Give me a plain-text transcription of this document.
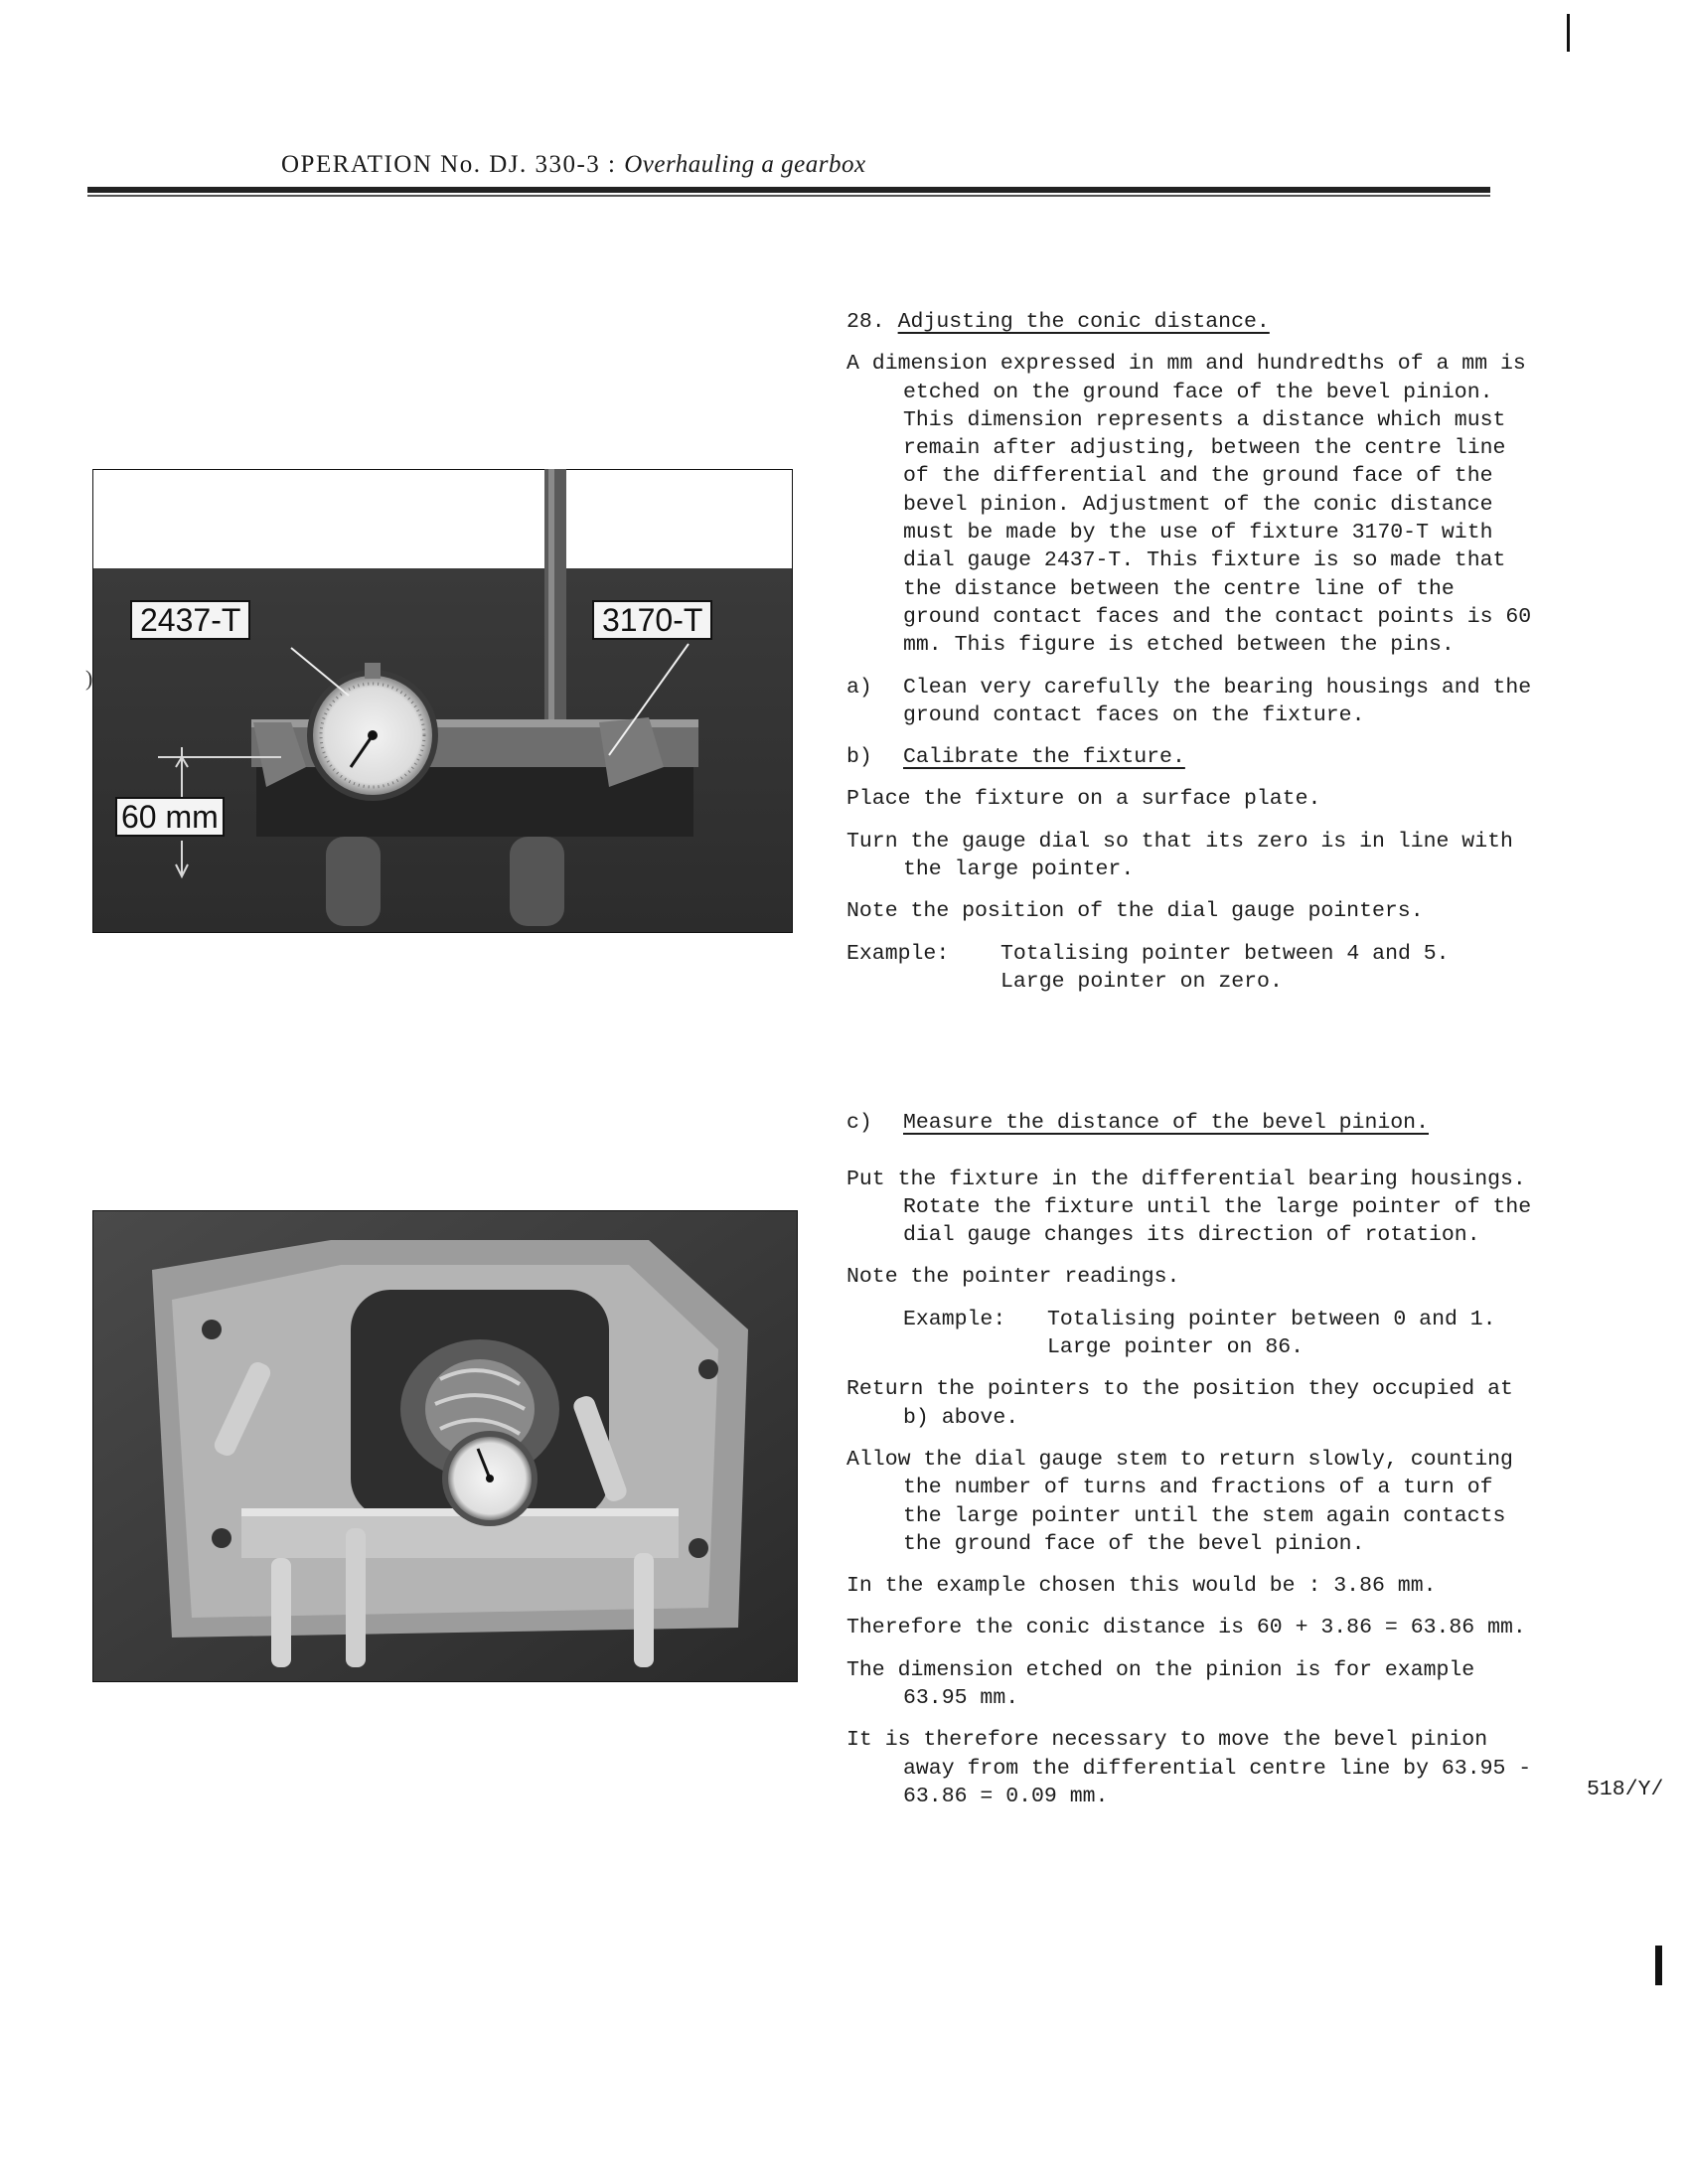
OPERATION No. DJ. 330-3 : Overhauling a gearbox
)
2437-T	3170-T
60 mm
28. Adjusting the conic distance.

A dimension expressed in mm and hundredths of a mm is etched on the ground face of the bevel pinion. This dimension represents a distance which must remain after adjusting, between the centre line of the differential and the ground face of the bevel pinion. Adjustment of the conic distance must be made by the use of fixture 3170-T with dial gauge 2437-T. This fixture is so made that the distance between the centre line of the ground contact faces and the contact points is 60 mm. This figure is etched between the pins.

a)	Clean very carefully the bearing housings and the ground contact faces on the fixture.
b)	Calibrate the fixture.

Place the fixture on a surface plate.

Turn the gauge dial so that its zero is in line with the large pointer.

Note the position of the dial gauge pointers.

Example:	Totalising pointer between 4 and 5.
Large pointer on zero.
c)	Measure the distance of the bevel pinion.

Put the fixture in the differential bearing housings. Rotate the fixture until the large pointer of the dial gauge changes its direction of rotation.

Note the pointer readings.

Example:	Totalising pointer between 0 and 1.
Large pointer on 86.

Return the pointers to the position they occupied at b) above.

Allow the dial gauge stem to return slowly, counting the number of turns and fractions of a turn of the large pointer until the stem again contacts the ground face of the bevel pinion.

In the example chosen this would be : 3.86 mm.

Therefore the conic distance is 60 + 3.86 = 63.86 mm.

The dimension etched on the pinion is for example 63.95 mm.

It is therefore necessary to move the bevel pinion away from the differential centre line by 63.95 - 63.86 = 0.09 mm.	518/Y/
